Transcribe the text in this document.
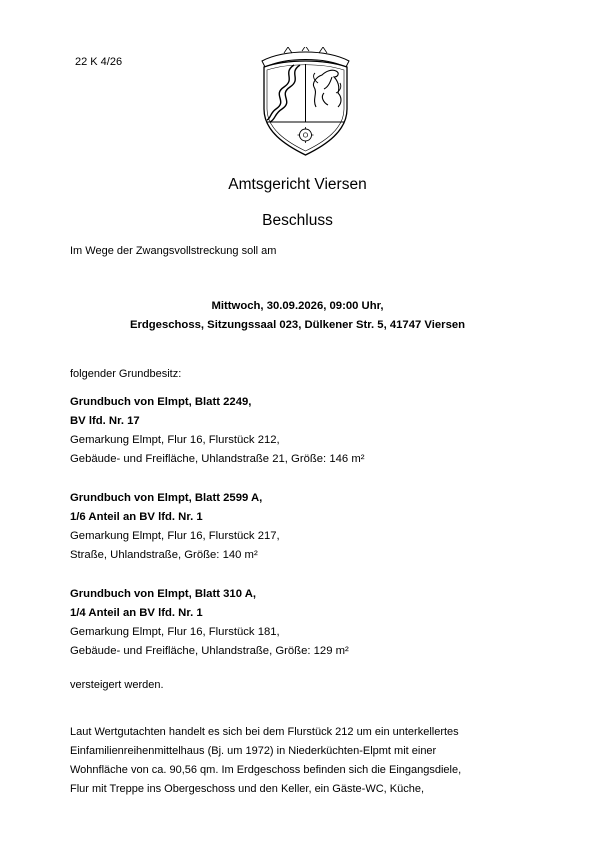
22 K 4/26
Amtsgericht Viersen
Beschluss
Im Wege der Zwangsvollstreckung soll am
Mittwoch, 30.09.2026, 09:00 Uhr,
Erdgeschoss, Sitzungssaal 023, Dülkener Str. 5, 41747 Viersen
folgender Grundbesitz:
Grundbuch von Elmpt, Blatt 2249,
BV lfd. Nr. 17
Gemarkung Elmpt, Flur 16, Flurstück 212,
Gebäude- und Freifläche, Uhlandstraße 21, Größe: 146 m²
Grundbuch von Elmpt, Blatt 2599 A,
1/6 Anteil an BV lfd. Nr. 1
Gemarkung Elmpt, Flur 16, Flurstück 217,
Straße, Uhlandstraße, Größe: 140 m²
Grundbuch von Elmpt, Blatt 310 A,
1/4 Anteil an BV lfd. Nr. 1
Gemarkung Elmpt, Flur 16, Flurstück 181,
Gebäude- und Freifläche, Uhlandstraße, Größe: 129 m²
versteigert werden.
Laut Wertgutachten handelt es sich bei dem Flurstück 212 um ein unterkellertes
Einfamilienreihenmittelhaus (Bj. um 1972) in Niederküchten-Elpmt mit einer
Wohnfläche von ca. 90,56 qm. Im Erdgeschoss befinden sich die Eingangsdiele,
Flur mit Treppe ins Obergeschoss und den Keller, ein Gäste-WC, Küche,
